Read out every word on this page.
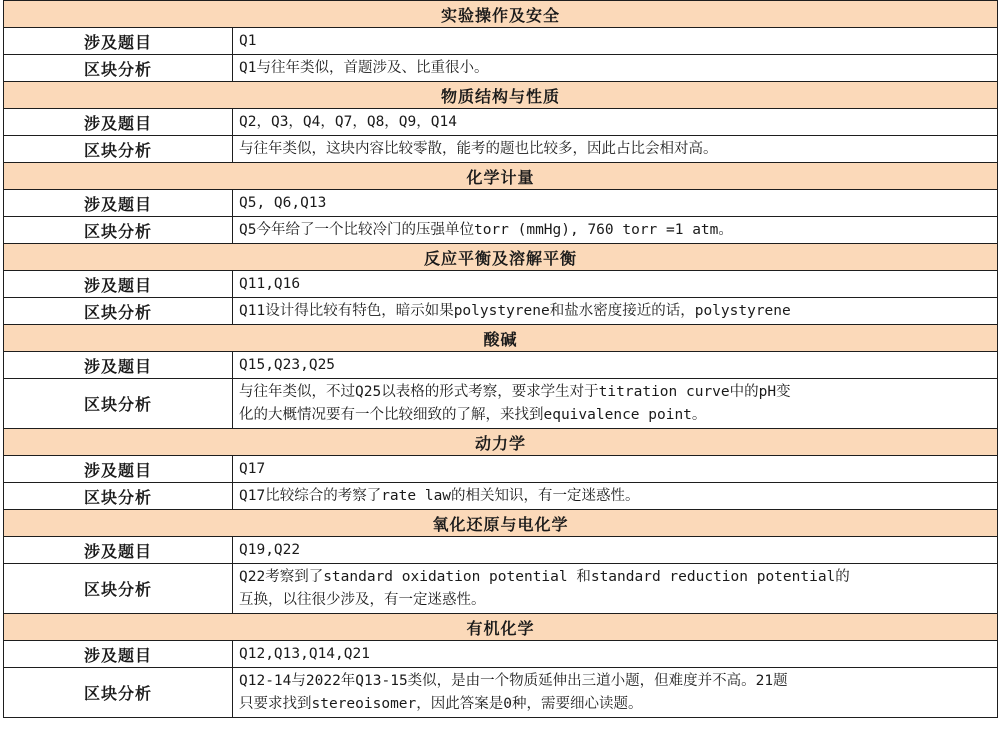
实验操作及安全	
涉及题目	Q1
区块分析	Q1与往年类似，首题涉及、比重很小。
物质结构与性质	
涉及题目	Q2，Q3，Q4，Q7，Q8，Q9，Q14
区块分析	与往年类似，这块内容比较零散，能考的题也比较多，因此占比会相对高。
化学计量	
涉及题目	Q5, Q6,Q13
区块分析	Q5今年给了一个比较冷门的压强单位torr (mmHg), 760 torr =1 atm。
反应平衡及溶解平衡	
涉及题目	Q11,Q16
区块分析	Q11设计得比较有特色，暗示如果polystyrene和盐水密度接近的话，polystyrene
酸碱	
涉及题目	Q15,Q23,Q25
区块分析	与往年类似，不过Q25以表格的形式考察，要求学生对于titration curve中的pH变
化的大概情况要有一个比较细致的了解，来找到equivalence point。
动力学	
涉及题目	Q17
区块分析	Q17比较综合的考察了rate law的相关知识，有一定迷惑性。
氧化还原与电化学	
涉及题目	Q19,Q22
区块分析	Q22考察到了standard oxidation potential 和standard reduction potential的
互换，以往很少涉及，有一定迷惑性。
有机化学	
涉及题目	Q12,Q13,Q14,Q21
区块分析	Q12-14与2022年Q13-15类似，是由一个物质延伸出三道小题，但难度并不高。21题
只要求找到stereoisomer，因此答案是0种，需要细心读题。
